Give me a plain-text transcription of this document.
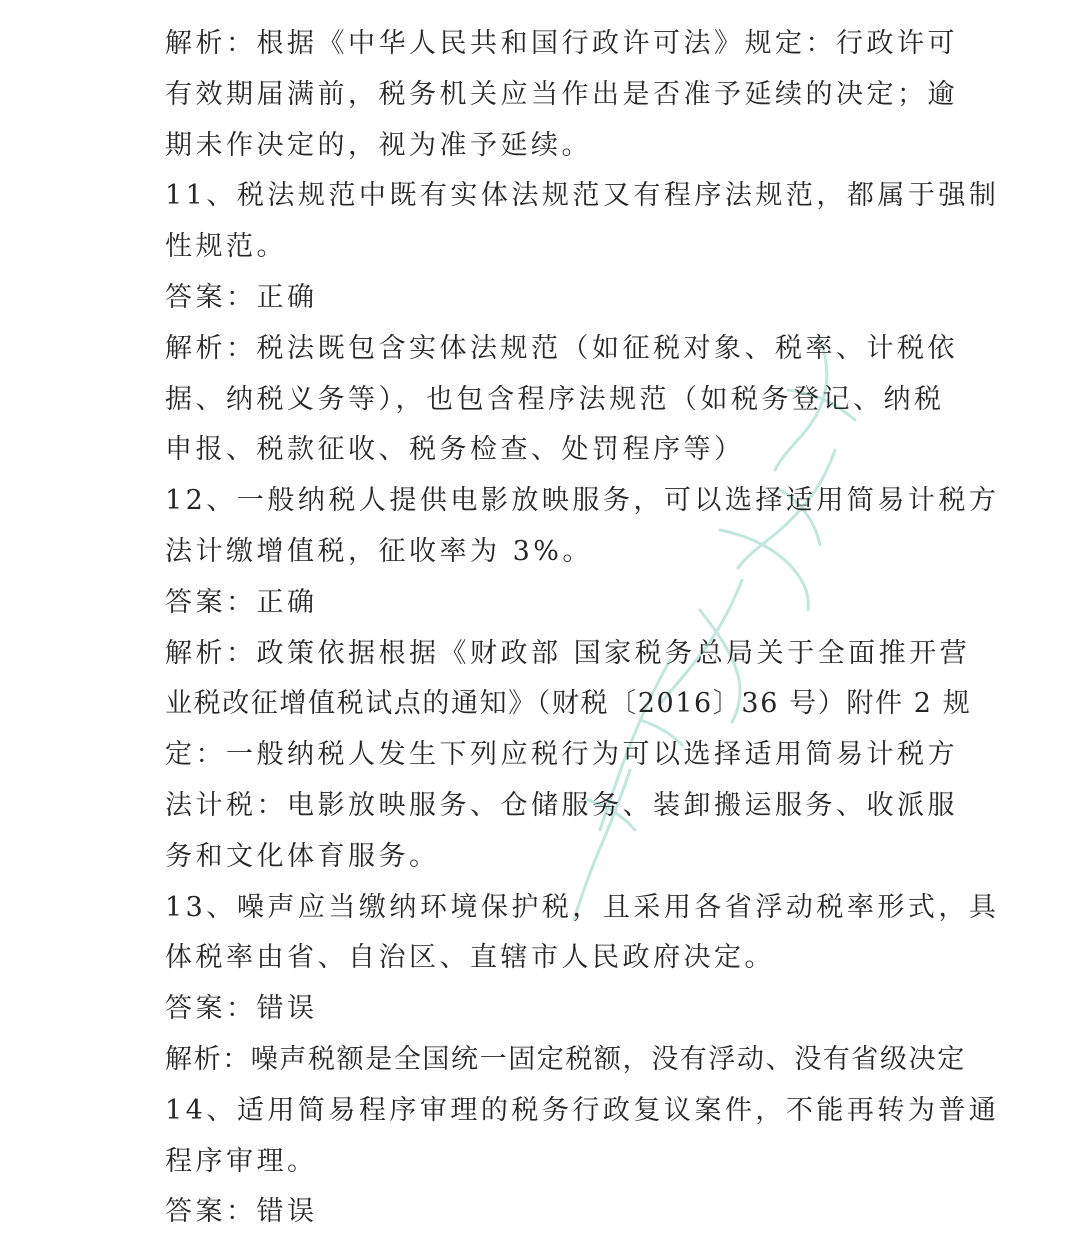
解析：根据《中华人民共和国行政许可法》规定：行政许可
有效期届满前，税务机关应当作出是否准予延续的决定；逾
期未作决定的，视为准予延续。
11、税法规范中既有实体法规范又有程序法规范，都属于强制
性规范。
答案：正确
解析：税法既包含实体法规范（如征税对象、税率、计税依
据、纳税义务等），也包含程序法规范（如税务登记、纳税
申报、税款征收、税务检查、处罚程序等）
12、一般纳税人提供电影放映服务，可以选择适用简易计税方
法计缴增值税，征收率为 3%。
答案：正确
解析：政策依据根据《财政部 国家税务总局关于全面推开营
业税改征增值税试点的通知》（财税〔2016〕36 号）附件 2 规
定：一般纳税人发生下列应税行为可以选择适用简易计税方
法计税：电影放映服务、仓储服务、装卸搬运服务、收派服
务和文化体育服务。
13、噪声应当缴纳环境保护税，且采用各省浮动税率形式，具
体税率由省、自治区、直辖市人民政府决定。
答案：错误
解析：噪声税额是全国统一固定税额，没有浮动、没有省级决定
14、适用简易程序审理的税务行政复议案件，不能再转为普通
程序审理。
答案：错误
